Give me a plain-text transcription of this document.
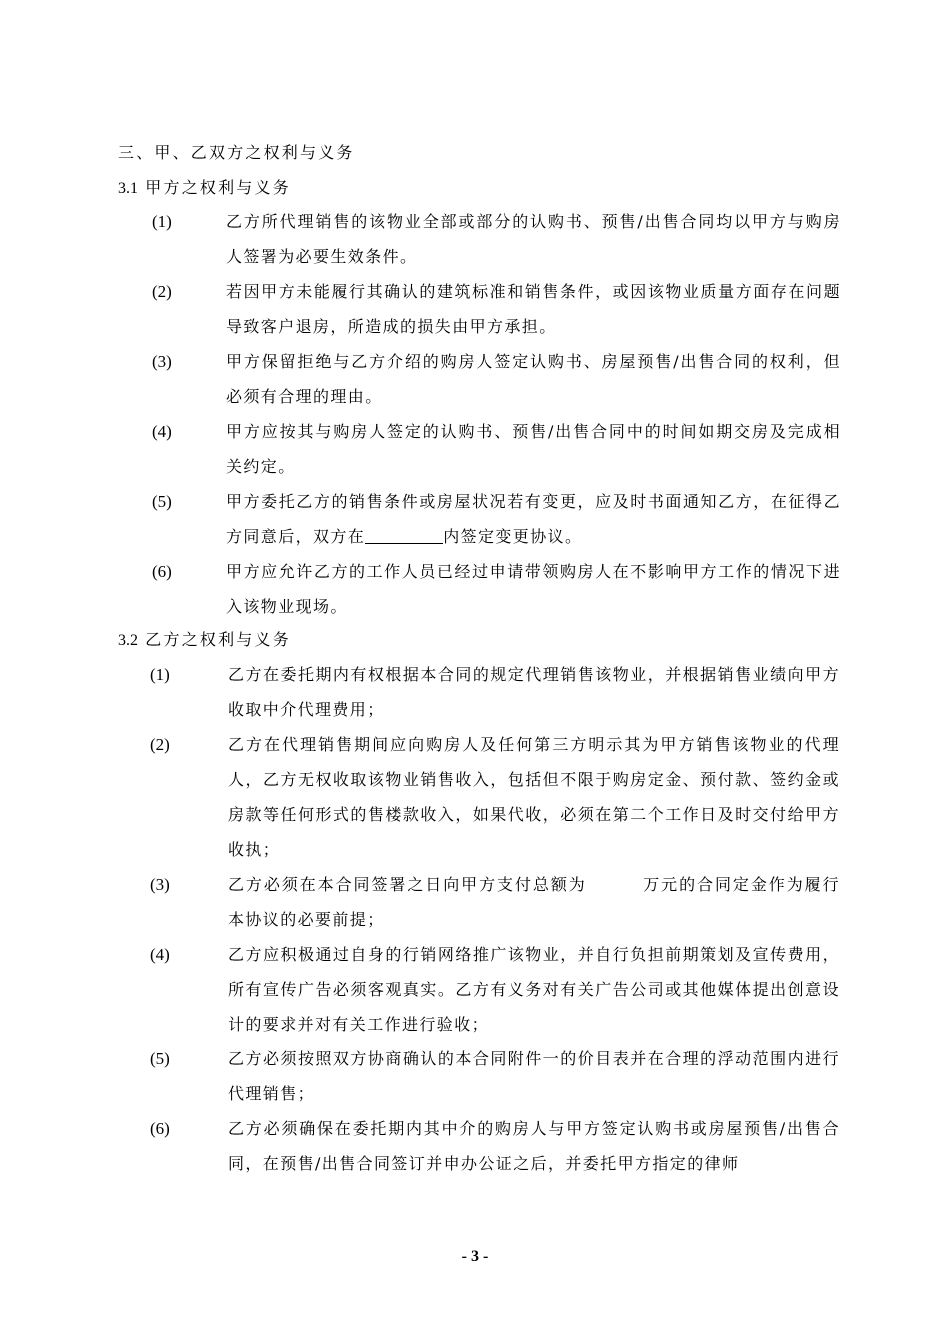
三、甲、乙双方之权利与义务
3.1 甲方之权利与义务
(1)	乙方所代理销售的该物业全部或部分的认购书、预售/出售合同均以甲方与购房人签署为必要生效条件。
(2)	若因甲方未能履行其确认的建筑标准和销售条件，或因该物业质量方面存在问题导致客户退房，所造成的损失由甲方承担。
(3)	甲方保留拒绝与乙方介绍的购房人签定认购书、房屋预售/出售合同的权利，但必须有合理的理由。
(4)	甲方应按其与购房人签定的认购书、预售/出售合同中的时间如期交房及完成相关约定。
(5)	甲方委托乙方的销售条件或房屋状况若有变更，应及时书面通知乙方，在征得乙方同意后，双方在	内签定变更协议。
(6)	甲方应允许乙方的工作人员已经过申请带领购房人在不影响甲方工作的情况下进入该物业现场。
3.2 乙方之权利与义务
(1)	乙方在委托期内有权根据本合同的规定代理销售该物业，并根据销售业绩向甲方收取中介代理费用；
(2)	乙方在代理销售期间应向购房人及任何第三方明示其为甲方销售该物业的代理人，乙方无权收取该物业销售收入，包括但不限于购房定金、预付款、签约金或房款等任何形式的售楼款收入，如果代收，必须在第二个工作日及时交付给甲方收执；
(3)	乙方必须在本合同签署之日向甲方支付总额为	万元的合同定金作为履行本协议的必要前提；
(4)	乙方应积极通过自身的行销网络推广该物业，并自行负担前期策划及宣传费用，所有宣传广告必须客观真实。乙方有义务对有关广告公司或其他媒体提出创意设计的要求并对有关工作进行验收；
(5)	乙方必须按照双方协商确认的本合同附件一的价目表并在合理的浮动范围内进行代理销售；
(6)	乙方必须确保在委托期内其中介的购房人与甲方签定认购书或房屋预售/出售合同，在预售/出售合同签订并申办公证之后，并委托甲方指定的律师
- 3 -
